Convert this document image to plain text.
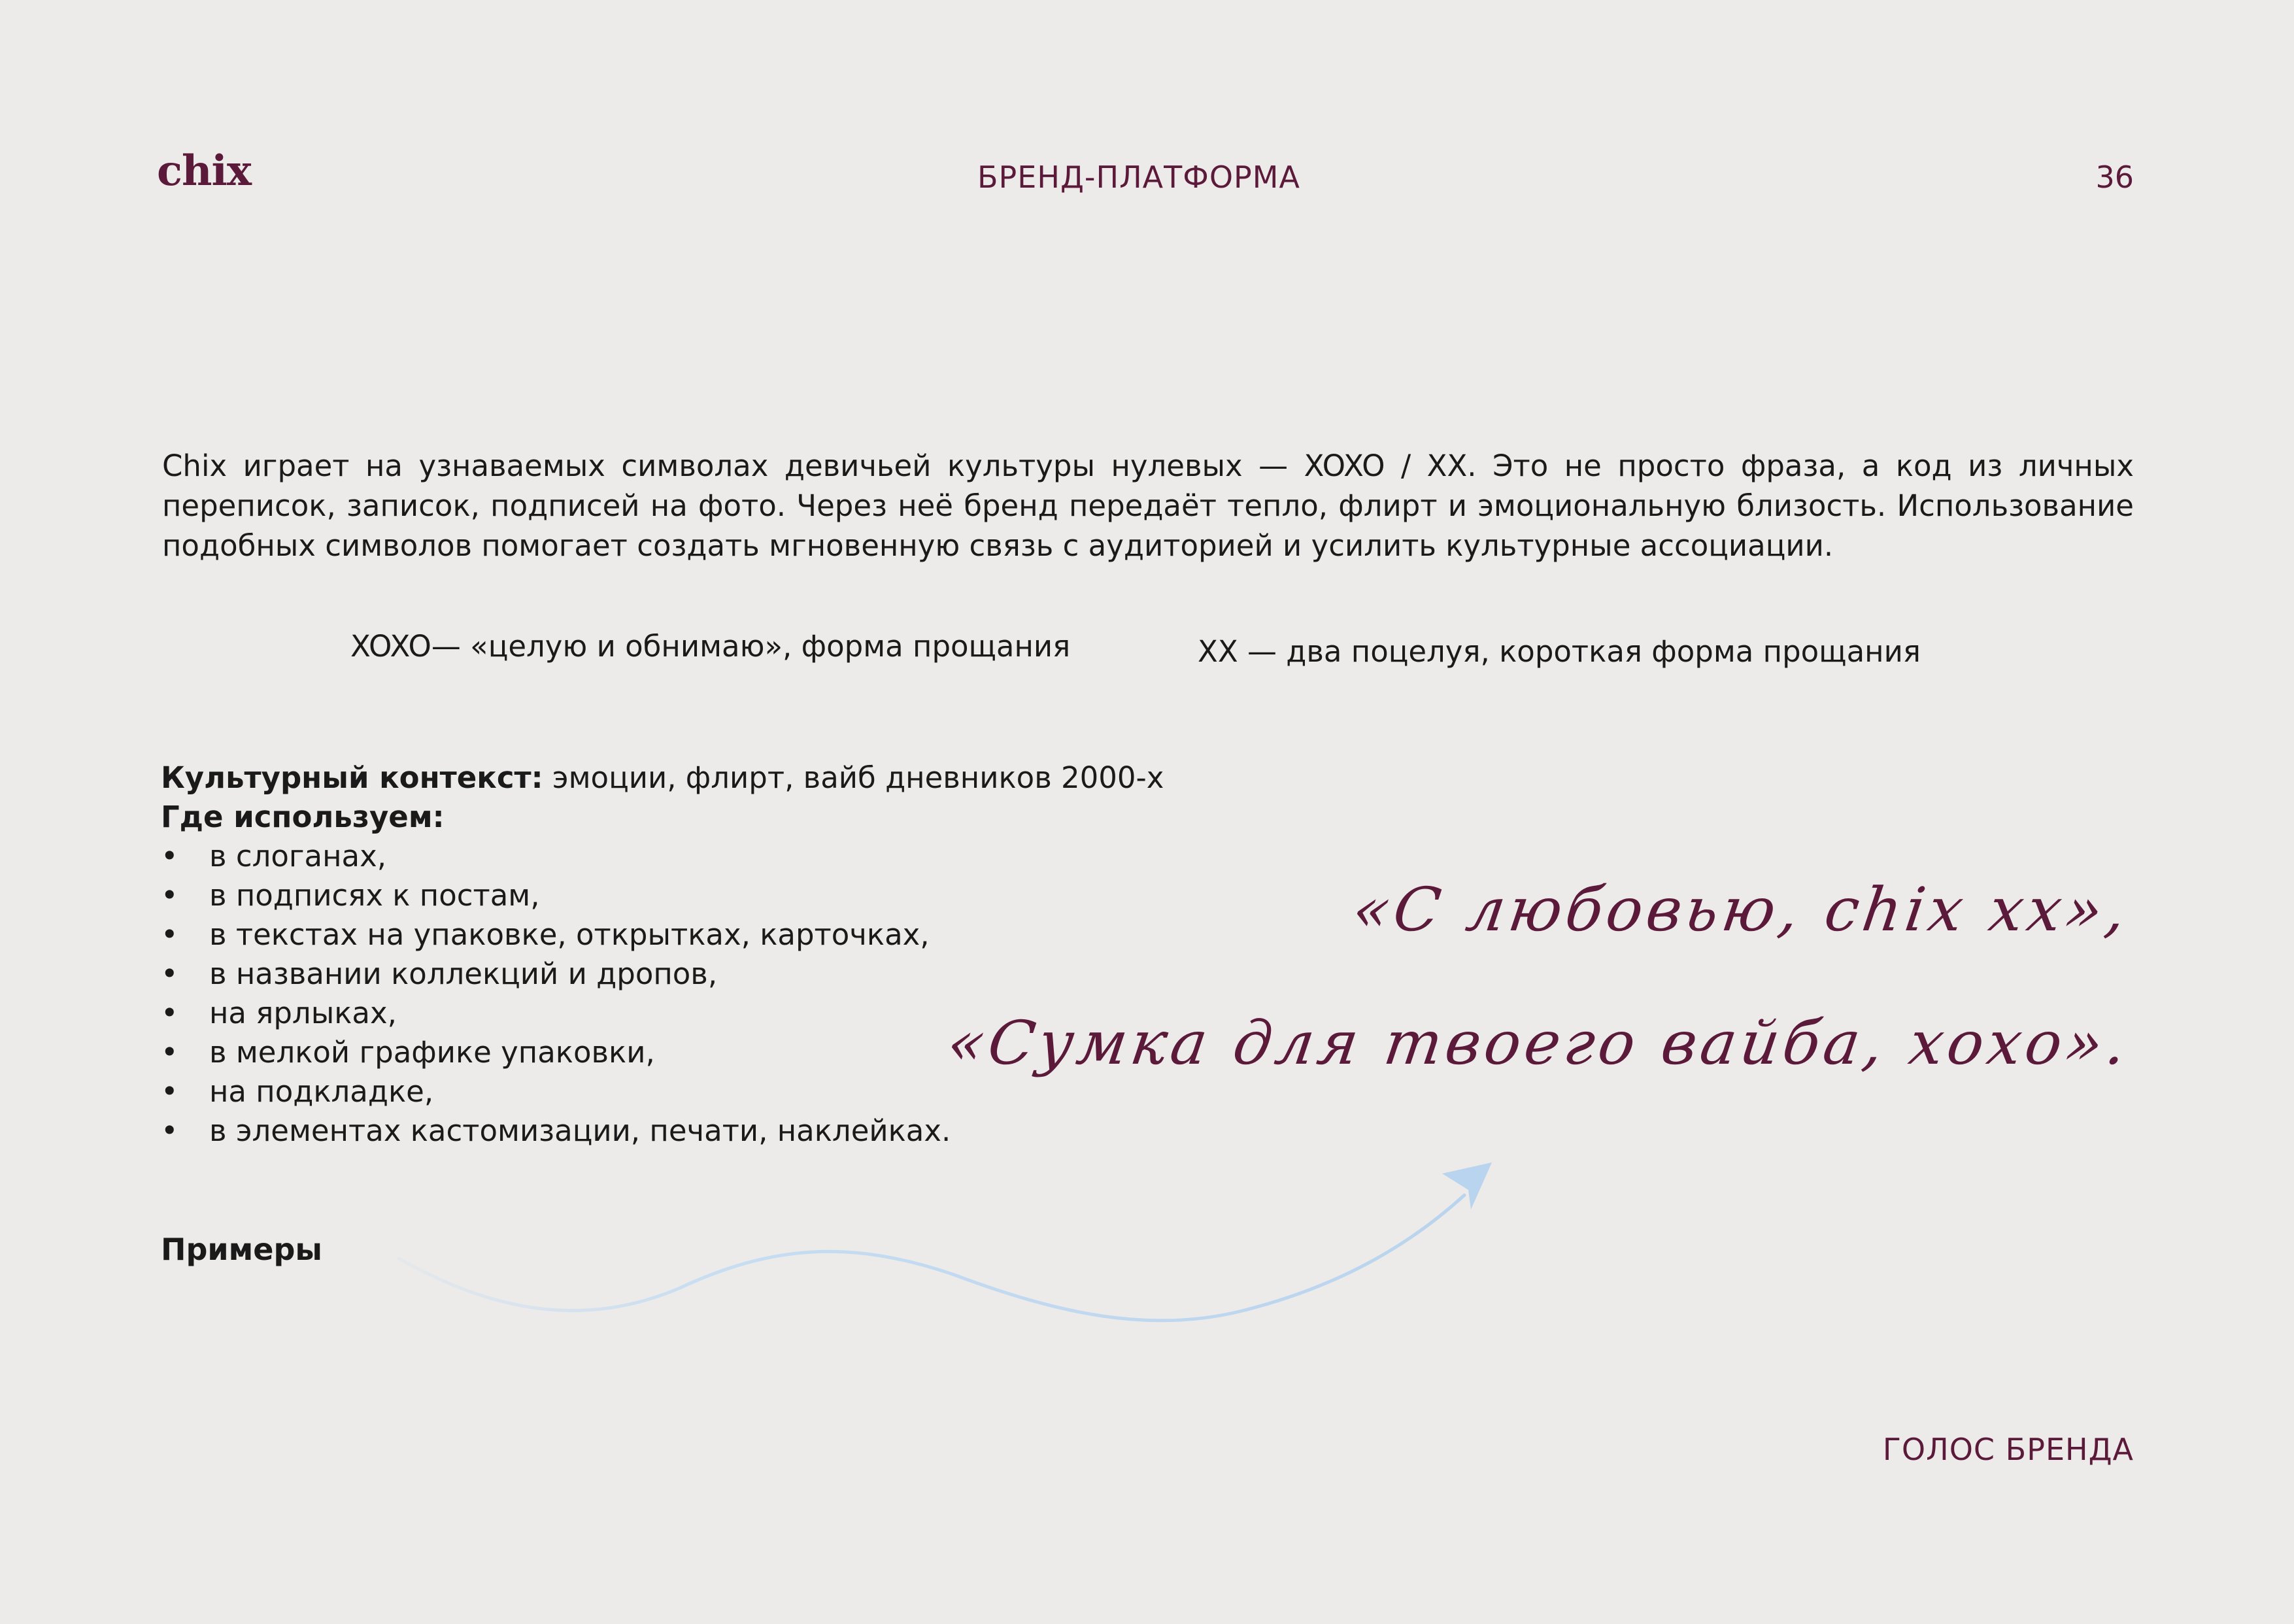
chix	БРЕНД-ПЛАТФОРМА	36
Chix играет на узнаваемых символах девичьей культуры нулевых — XOXO / XX. Это не просто фраза, а код из личных переписок, записок, подписей на фото. Через неё бренд передаёт тепло, флирт и эмоциональную близость. Использование подобных символов помогает создать мгновенную связь с аудиторией и усилить культурные ассоциации.
XOXO— «целую и обнимаю», форма прощания	XX — два поцелуя, короткая форма прощания
Культурный контекст: эмоции, флирт, вайб дневников 2000-х
Где используем:
• в слоганах,
• в подписях к постам,
• в текстах на упаковке, открытках, карточках,
• в названии коллекций и дропов,
• на ярлыках,
• в мелкой графике упаковки,
• на подкладке,
• в элементах кастомизации, печати, наклейках.
Примеры
«С любовью, chix xx»,
«Сумка для твоего вайба, xoxo».
ГОЛОС БРЕНДА
